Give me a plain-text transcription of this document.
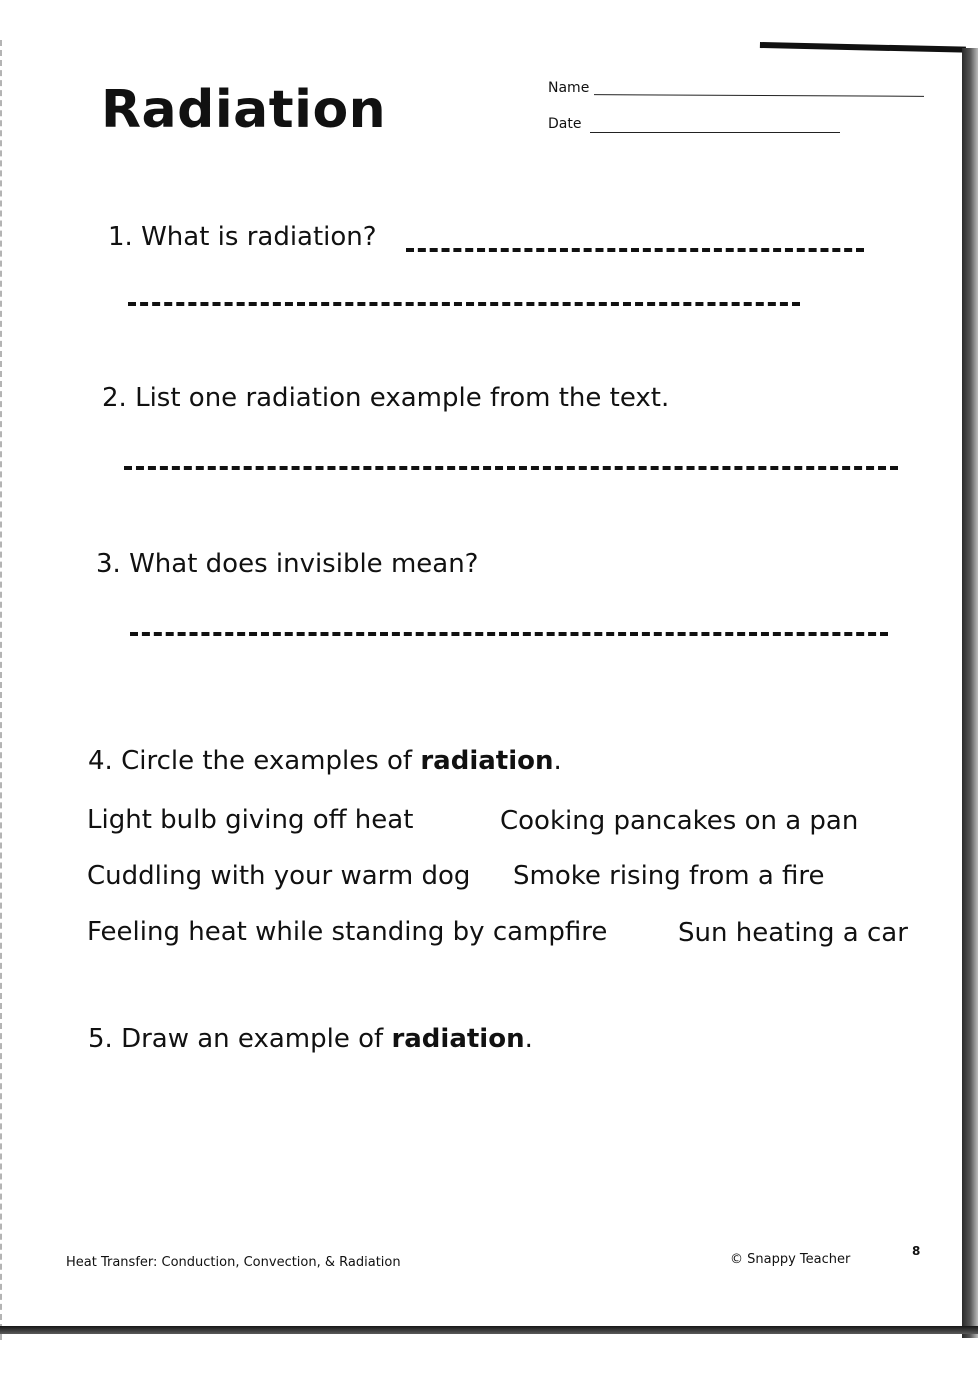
Radiation	Name
Date
1. What is radiation?
2. List one radiation example from the text.
3. What does invisible mean?
4. Circle the examples of radiation.
Light bulb giving off heat	Cooking pancakes on a pan
Cuddling with your warm dog Smoke rising from a fire
Feeling heat while standing by campfire	Sun heating a car
5. Draw an example of radiation.
Heat Transfer: Conduction, Convection, & Radiation	© Snappy Teacher
8
